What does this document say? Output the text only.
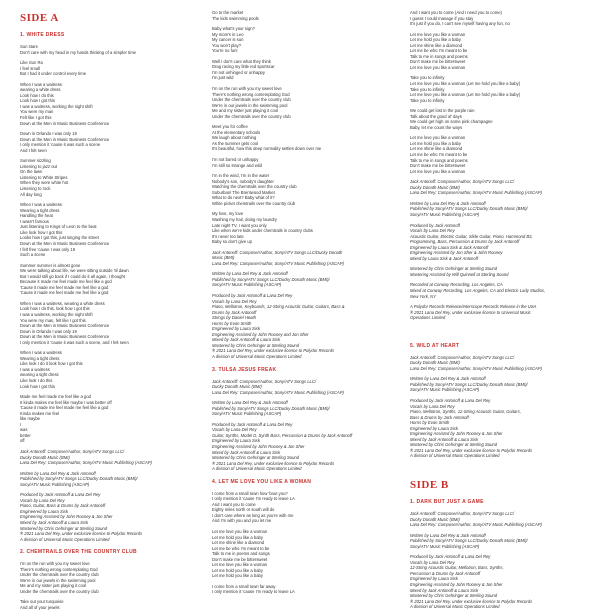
SIDE A
1. WHITE DRESS
Sun stare
Don't care with my head in my hands thinking of a simpler time
Like Sun Ra
I feel small
But I had it under control every time
When I was a waitress
wearing a white dress
Look how I do this
Look how I got this
I was a waitress, working the night shift
You were my man
Felt like I got this
Down at the Men in Music Business Conference
Down in Orlando I was only 19
Down at the Men in Music Business Conference
I only mention it 'cause it was such a scene
And I felt seen
Summer sizzling
Listening to jazz out
On the lawn
Listening to White Stripes
When they were white hot
Listening to rock
All day long
When I was a waitress
Wearing a tight dress
Handling the heat
I wasn't famous
Just listening to Kings of Leon to the beat
Like look how I got this
Looks how I got this, just singing the street
Down at the Men in Music Business Conference
I felt free 'cause I was only 19
Such a scene
Summer summer is almost gone
We were talking about life, we were sitting outside 'til dawn
But I would still go back if I could do it all again, I thought
Because it made me feel made me feel like a god
'Cause it made me feel made me feel like a god
'Cause it made me feel made me feel like a god
When I was a waitress, wearing a white dress
Look how I do this, look how I got this
I was a waitress, working the night shift
You were my man, felt like I got this
Down at the Men in Music Business Conference
Down in Orlando I was only 19
Down at the Men in Music Business Conference
I only mention it 'cause it was such a scene, and I felt seen
When I was a waitress
Wearing a tight dress
Like look I do it look how I got this
I was a waitress
wearing a tight dress
Like look I do this
Look how I got this
Made me feel made me feel like a god
It kinda makes me feel like maybe I was better off
'Cause it made me feel made me feel like a god
Kinda makes me feel
like maybe
I
was
better
off
Jack Antonoff: Composer/Author, Sony/ATV Songs LLC/
Ducky Donath Music (BMI)
Lana Del Rey: Composer/Author, Sony/ATV Music Publishing (ASCAP)
Written by Lana Del Rey & Jack Antonoff
Published by Sony/ATV Songs LLC/Ducky Donath Music (BMI)/
Sony/ATV Music Publishing (ASCAP)
Produced by Jack Antonoff & Lana Del Rey
Vocals by Lana Del Rey
Piano, Guitar, Bass & Drums by Jack Antonoff
Engineered by Laura Sisk
Engineering Assisted by John Rooney & Jon Sher
Mixed by Jack Antonoff & Laura Sisk
Mastered by Chris Gehringer at Sterling Sound
® 2021 Lana Del Rey, under exclusive licence to Polydor Records
A division of Universal Music Operations Limited
2. CHEMTRAILS OVER THE COUNTRY CLUB
I'm on the run with you my sweet love
There's nothing wrong contemplating God
Under the chemtrails over the country club
We're in our jewels in the swimming pool
Me and my sister just playing it cool
Under the chemtrails over the country club
Take out your turquoise
And all of your jewels
Go to the market
The kids swimming pools
Baby what's your sign?
My mom's in Leo
My cancer is sun
You won't play?
You're no fun!
Well I don't care what they think
Drag racing my little red sportscar
I'm not unhinged or unhappy
I'm just wild
I'm on the run with you my sweet love
There's nothing wrong contemplating God
Under the chemtrails over the country club
We're in our jewels in the swimming pool
Me and my sister just playing it cool
Under the chemtrails over the country club
Meet you for coffee
At the elementary schools
We laugh about nothing
As the summer gets cool
It's beautiful, how this deep normality settles down over me
I'm not bored or unhappy
I'm still so strange and wild
I'm in the wind, I'm in the water
Nobody's son, nobody's daughter
Watching the chemtrails over the country club
Suburban! The Brentwood Market
What to do next? Baby what of it?
White picket chemtrails over the country club
My love, my love
Washing my hair, doing my laundry
Late night TV, I want you only
Like when we're kids under chemtrails in country clubs
It's never too late
Baby so don't give up
Jack Antonoff: Composer/Author, Sony/ATV Songs LLC/Ducky Donath
Music (BMI)
Lana Del Rey: Composer/Author, Sony/ATV Music Publishing (ASCAP)
Written by Lana Del Rey & Jack Antonoff
Published by Sony/ATV Songs LLC/Ducky Donath Music (BMI)/
Sony/ATV Music Publishing (ASCAP)
Produced by Jack Antonoff & Lana Del Rey
Vocals by Lana Del Rey
Piano, Mellotron, Keyboards, 12-String Acoustic Guitar, Guitars, Bass &
Drums by Jack Antonoff
Strings by Daniel Heath
Horns by Evan Smith
Engineered by Laura Sisk
Engineering Assisted by John Rooney and Jon Sher
Mixed by Jack Antonoff & Laura Sisk
Mastered by Chris Gehringer at Sterling Sound
® 2021 Lana Del Rey, under exclusive licence to Polydor Records
A division of Universal Music Operations Limited
3. TULSA JESUS FREAK
Jack Antonoff: Composer/Author, Sony/ATV Songs LLC/
Ducky Donath Music (BMI)
Lana Del Rey: Composer/Author, Sony/ATV Music Publishing (ASCAP)
Written by Lana Del Rey & Jack Antonoff
Published by Sony/ATV Songs LLC/Ducky Donath Music (BMI)/
Sony/ATV Music Publishing (ASCAP)
Produced by Jack Antonoff & Lana Del Rey
Vocals by Lana Del Rey
Guitar, Synths, Model D, Synth Bass, Percussion & Drums by Jack Antonoff
Engineered by Laura Sisk
Engineering Assisted by John Rooney & Jon Sher
Mixed by Jack Antonoff & Laura Sisk
Mastered by Chris Gehringer at Sterling Sound
® 2021 Lana Del Rey, under exclusive licence to Polydor Records
A division of Universal Music Operations Limited
4. LET ME LOVE YOU LIKE A WOMAN
I come from a small town how 'bout you?
I only mention it 'cause I'm ready to leave LA
And I want you to come
Eighty miles north or south will do
I don't care where as long as you're with me
And I'm with you and you let me
Let me love you like a woman
Let me hold you like a baby
Let me shine like a diamond
Let me be who I'm meant to be
Talk to me in poems and songs
Don't make me be bittersweet
Let me love you like a woman
Let me hold you like a baby
Let me hold you like a baby
I come from a small town far away
I only mention it 'cause I'm ready to leave LA
And I want you to come (And I need you to come)
I guess I could manage if you stay
It's just if you do, I can't see myself having any fun, no
Let me love you like a woman
Let me hold you like a baby
Let me shine like a diamond
Let me be who I'm meant to be
Talk to me in songs and poems
Don't make me be bittersweet
Let me love you like a woman
Take you to infinity
Let me love you like a woman (Let me hold you like a baby)
Take you to infinity
Let me love you like a woman (Let me hold you like a baby)
Take you to infinity
We could get lost in the purple rain
Talk about the good ol' days
We could get high on some pink champagne
Baby, let me count the ways
Let me love you like a woman
Let me hold you like a baby
Let me shine like a diamond
Let me be who I'm meant to be
Talk to me in songs and poems
Don't make me be bittersweet
Let me love you like a woman
Jack Antonoff: Composer/Author, Sony/ATV Songs LLC/
Ducky Donath Music (BMI)
Lana Del Rey: Composer/Author, Sony/ATV Music Publishing (ASCAP)
Written by Lana Del Rey & Jack Antonoff
Published by Sony/ATV Songs LLC/Ducky Donath Music (BMI)/
Sony/ATV Music Publishing (ASCAP)
Produced by Jack Antonoff
Vocals by Lana Del Rey
Acoustic Guitar, Electric Guitar, Slide Guitar, Piano, Hammond B3,
Programming, Bass, Percussion & Drums by Jack Antonoff
Engineered by Laura Sisk & Jack Antonoff
Engineering Assisted by Jon Sher & John Rooney
Mixed by Laura Sisk & Jack Antonoff
Mastered by Chris Gehringer at Sterling Sound
Mastering Assisted by Will Quinnell at Sterling Sound
Recorded at Conway Recording, Los Angeles, CA
Mixed at Conway Recording, Los Angeles, CA and Electric Lady Studios,
New York, NY
A Polydor Records Release/Interscope Records Release in the USA
® 2021 Lana Del Rey, under exclusive licence to Universal Music
Operations Limited
5. WILD AT HEART
Jack Antonoff: Composer/Author, Sony/ATV Songs LLC/
Ducky Donath Music (BMI)
Lana Del Rey: Composer/Author, Sony/ATV Music Publishing (ASCAP)
Written by Lana Del Rey & Jack Antonoff
Published by Sony/ATV Songs LLC/Ducky Donath Music (BMI)/
Sony/ATV Music Publishing (ASCAP)
Produced by Jack Antonoff & Lana Del Rey
Vocals by Lana Del Rey
Piano, Mellotron, Synths, 12-String Acoustic Guitar, Guitars,
Bass & Drums by Jack Antonoff
Horns by Evan Smith
Engineered by Laura Sisk
Engineering Assisted by John Rooney & Jon Sher
Mixed by Jack Antonoff & Laura Sisk
Mastered by Chris Gehringer at Sterling Sound
® 2021 Lana Del Rey, under exclusive licence to Polydor Records
A division of Universal Music Operations Limited
SIDE B
1. DARK BUT JUST A GAME
Jack Antonoff: Composer/Author, Sony/ATV Songs LLC/
Ducky Donath Music (BMI)
Lana Del Rey: Composer/Author, Sony/ATV Music Publishing (ASCAP)
Written by Lana Del Rey & Jack Antonoff
Published by Sony/ATV Songs LLC/Ducky Donath Music (BMI)/
Sony/ATV Music Publishing (ASCAP)
Produced by Jack Antonoff & Lana Del Rey
Vocals by Lana Del Rey
12-String Acoustic Guitar, Mellotron, Bass, Synths,
Percussion & Drums by Jack Antonoff
Engineered by Laura Sisk
Engineering Assisted by John Rooney & Jon Sher
Mixed by Jack Antonoff & Laura Sisk
Mastered by Chris Gehringer at Sterling Sound
® 2021 Lana Del Rey, under exclusive licence to Polydor Records
A division of Universal Music Operations Limited
